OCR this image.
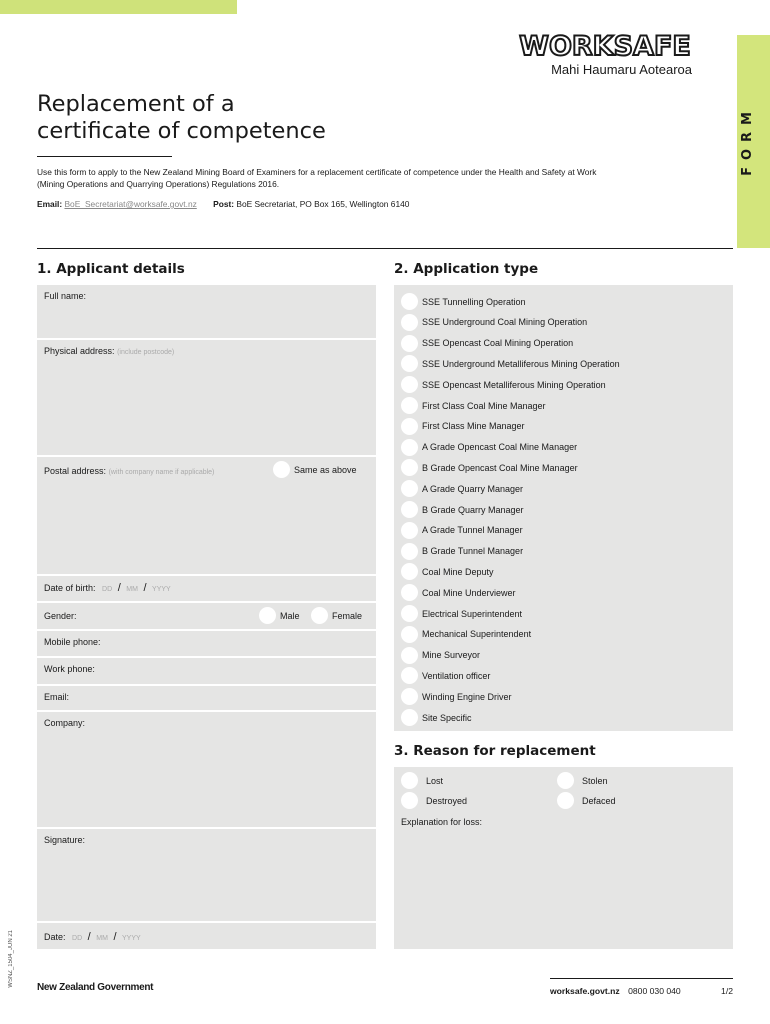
FORM
WORKSAFE
Mahi Haumaru Aotearoa
Replacement of a
certificate of competence
Use this form to apply to the New Zealand Mining Board of Examiners for a replacement certificate of competence under the Health and Safety at Work (Mining Operations and Quarrying Operations) Regulations 2016.
Email: BoE_Secretariat@worksafe.govt.nz Post: BoE Secretariat, PO Box 165, Wellington 6140
1. Applicant details
Full name:
Physical address: (include postcode)
Postal address: (with company name if applicable)	Same as above
Date of birth: DD / MM / YYYY
Gender:	Male	Female
Mobile phone:
Work phone:
Email:
Company:
Signature:
Date: DD / MM / YYYY
2. Application type
SSE Tunnelling Operation
SSE Underground Coal Mining Operation
SSE Opencast Coal Mining Operation
SSE Underground Metalliferous Mining Operation
SSE Opencast Metalliferous Mining Operation
First Class Coal Mine Manager
First Class Mine Manager
A Grade Opencast Coal Mine Manager
B Grade Opencast Coal Mine Manager
A Grade Quarry Manager
B Grade Quarry Manager
A Grade Tunnel Manager
B Grade Tunnel Manager
Coal Mine Deputy
Coal Mine Underviewer
Electrical Superintendent
Mechanical Superintendent
Mine Surveyor
Ventilation officer
Winding Engine Driver
Site Specific
3. Reason for replacement
Lost	Stolen
Destroyed	Defaced
Explanation for loss:
WSNZ_1504_JUN 21	New Zealand Government	worksafe.govt.nz 0800 030 040	1/2
